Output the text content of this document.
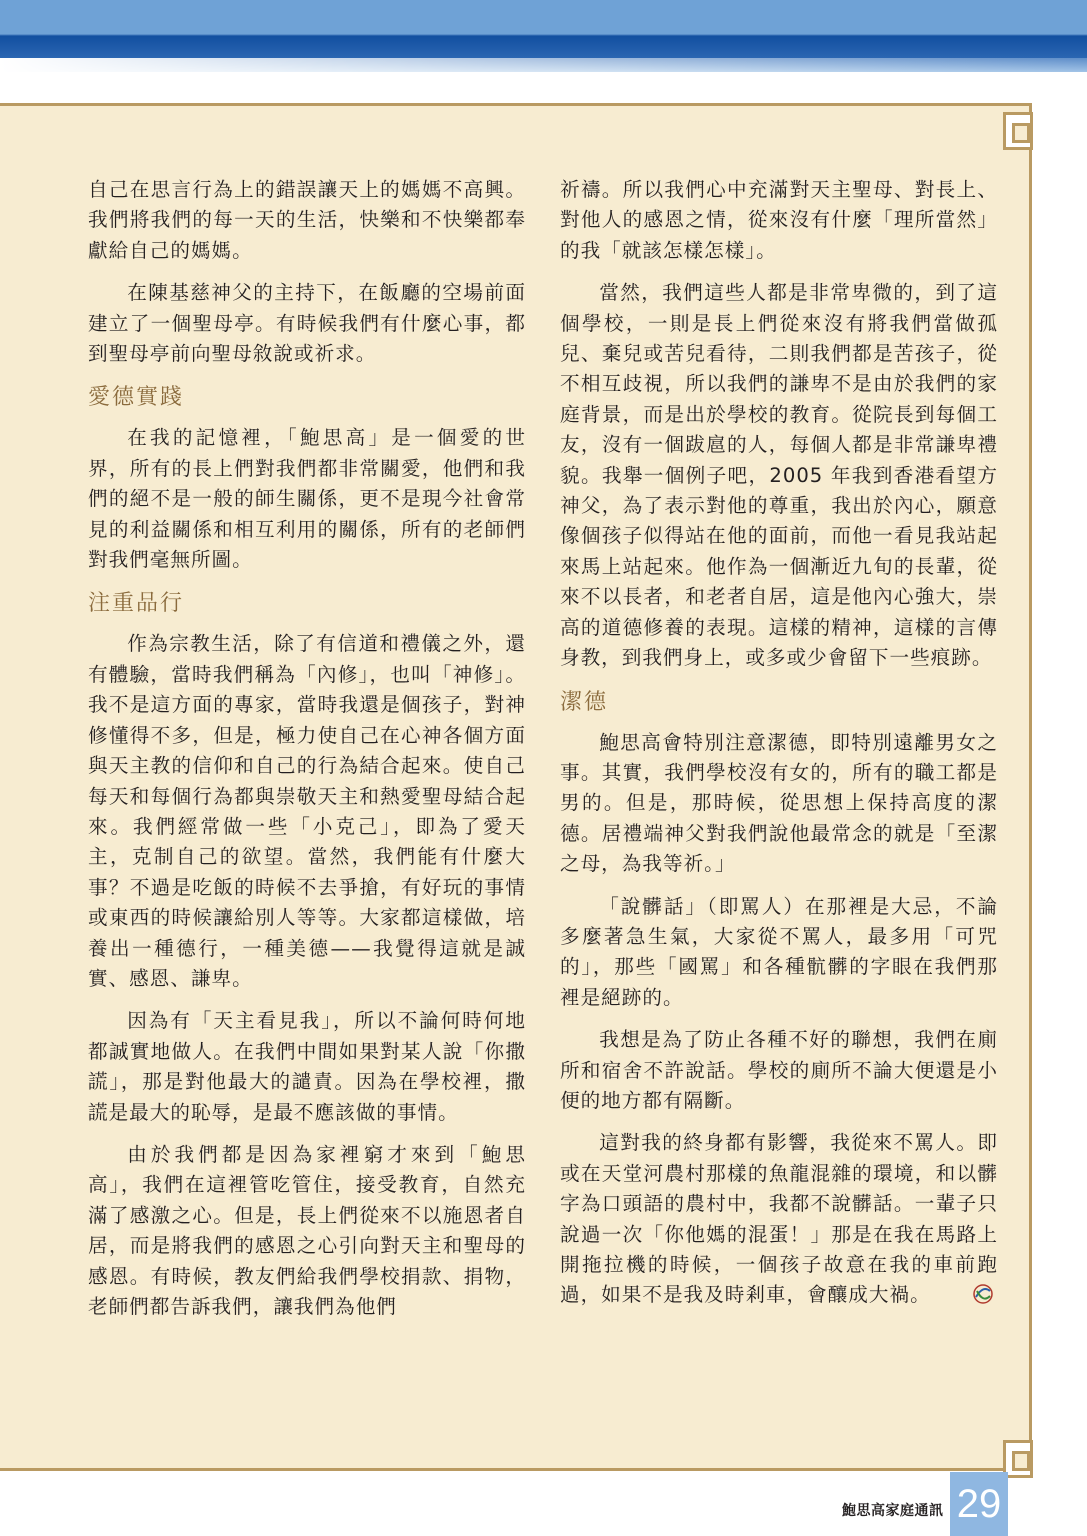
自己在思言行為上的錯誤讓天上的媽媽不高興。我們將我們的每一天的生活，快樂和不快樂都奉獻給自己的媽媽。

在陳基慈神父的主持下，在飯廳的空場前面建立了一個聖母亭。有時候我們有什麼心事，都到聖母亭前向聖母敘說或祈求。

愛德實踐

在我的記憶裡，「鮑思高」是一個愛的世界，所有的長上們對我們都非常關愛，他們和我們的絕不是一般的師生關係，更不是現今社會常見的利益關係和相互利用的關係，所有的老師們對我們毫無所圖。

注重品行

作為宗教生活，除了有信道和禮儀之外，還有體驗，當時我們稱為「內修」，也叫「神修」。我不是這方面的專家，當時我還是個孩子，對神修懂得不多，但是，極力使自己在心神各個方面與天主教的信仰和自己的行為結合起來。使自己每天和每個行為都與崇敬天主和熱愛聖母結合起來。我們經常做一些「小克己」，即為了愛天主，克制自己的欲望。當然，我們能有什麼大事？不過是吃飯的時候不去爭搶，有好玩的事情或東西的時候讓給別人等等。大家都這樣做，培養出一種德行，一種美德——我覺得這就是誠實、感恩、謙卑。

因為有「天主看見我」，所以不論何時何地都誠實地做人。在我們中間如果對某人說「你撒謊」，那是對他最大的譴責。因為在學校裡，撒謊是最大的恥辱，是最不應該做的事情。

由於我們都是因為家裡窮才來到「鮑思高」，我們在這裡管吃管住，接受教育，自然充滿了感激之心。但是，長上們從來不以施恩者自居，而是將我們的感恩之心引向對天主和聖母的感恩。有時候，教友們給我們學校捐款、捐物，老師們都告訴我們，讓我們為他們

祈禱。所以我們心中充滿對天主聖母、對長上、對他人的感恩之情，從來沒有什麼「理所當然」的我「就該怎樣怎樣」。

當然，我們這些人都是非常卑微的，到了這個學校，一則是長上們從來沒有將我們當做孤兒、棄兒或苦兒看待，二則我們都是苦孩子，從不相互歧視，所以我們的謙卑不是由於我們的家庭背景，而是出於學校的教育。從院長到每個工友，沒有一個跋扈的人，每個人都是非常謙卑禮貌。我舉一個例子吧，2005 年我到香港看望方神父，為了表示對他的尊重，我出於內心，願意像個孩子似得站在他的面前，而他一看見我站起來馬上站起來。他作為一個漸近九旬的長輩，從來不以長者，和老者自居，這是他內心強大，崇高的道德修養的表現。這樣的精神，這樣的言傳身教，到我們身上，或多或少會留下一些痕跡。

潔德

鮑思高會特別注意潔德，即特別遠離男女之事。其實，我們學校沒有女的，所有的職工都是男的。但是，那時候，從思想上保持高度的潔德。居禮端神父對我們說他最常念的就是「至潔之母，為我等祈。」

「說髒話」（即罵人）在那裡是大忌，不論多麼著急生氣，大家從不罵人，最多用「可咒的」，那些「國罵」和各種骯髒的字眼在我們那裡是絕跡的。

我想是為了防止各種不好的聯想，我們在廁所和宿舍不許說話。學校的廁所不論大便還是小便的地方都有隔斷。

這對我的終身都有影響，我從來不罵人。即或在天堂河農村那樣的魚龍混雜的環境，和以髒字為口頭語的農村中，我都不說髒話。一輩子只說過一次「你他媽的混蛋！」那是在我在馬路上開拖拉機的時候，一個孩子故意在我的車前跑過，如果不是我及時剎車，會釀成大禍。

鮑思高家庭通訊 29
